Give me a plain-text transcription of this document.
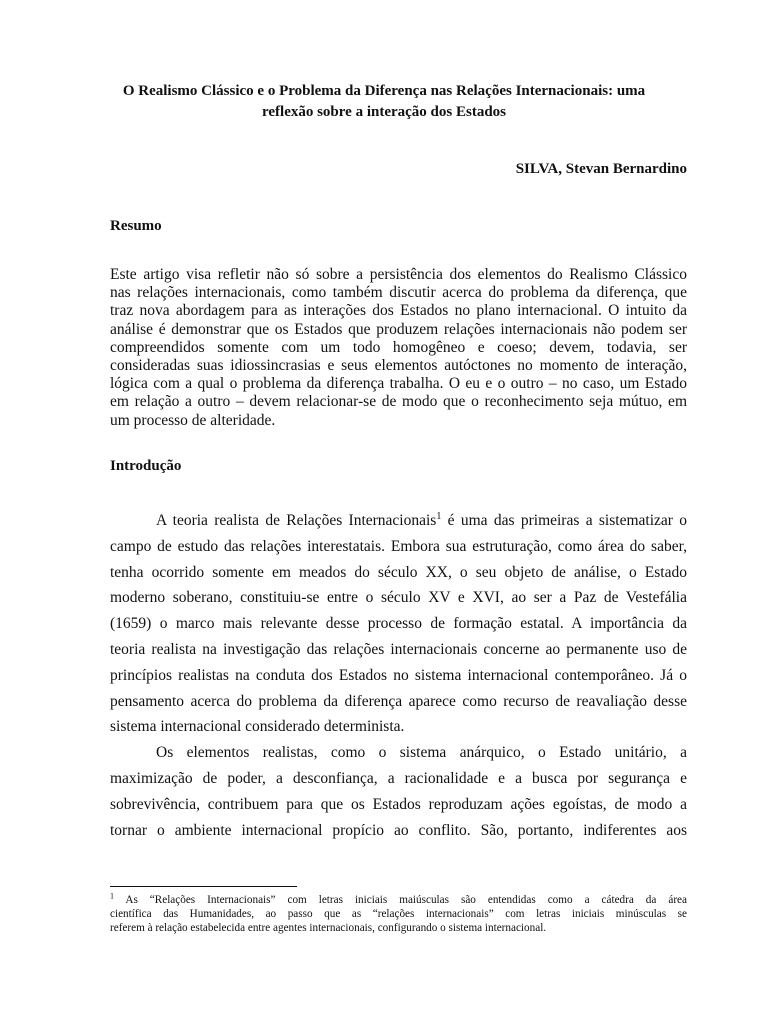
O Realismo Clássico e o Problema da Diferença nas Relações Internacionais: uma
reflexão sobre a interação dos Estados
SILVA, Stevan Bernardino
Resumo
Este artigo visa refletir não só sobre a persistência dos elementos do Realismo Clássico
nas relações internacionais, como também discutir acerca do problema da diferença, que
traz nova abordagem para as interações dos Estados no plano internacional. O intuito da
análise é demonstrar que os Estados que produzem relações internacionais não podem ser
compreendidos somente com um todo homogêneo e coeso; devem, todavia, ser
consideradas suas idiossincrasias e seus elementos autóctones no momento de interação,
lógica com a qual o problema da diferença trabalha. O eu e o outro – no caso, um Estado
em relação a outro – devem relacionar-se de modo que o reconhecimento seja mútuo, em
um processo de alteridade.
Introdução
A teoria realista de Relações Internacionais$^1$ é uma das primeiras a sistematizar o
campo de estudo das relações interestatais. Embora sua estruturação, como área do saber,
tenha ocorrido somente em meados do século XX, o seu objeto de análise, o Estado
moderno soberano, constituiu-se entre o século XV e XVI, ao ser a Paz de Vestefália
(1659) o marco mais relevante desse processo de formação estatal. A importância da
teoria realista na investigação das relações internacionais concerne ao permanente uso de
princípios realistas na conduta dos Estados no sistema internacional contemporâneo. Já o
pensamento acerca do problema da diferença aparece como recurso de reavaliação desse
sistema internacional considerado determinista.
Os elementos realistas, como o sistema anárquico, o Estado unitário, a
maximização de poder, a desconfiança, a racionalidade e a busca por segurança e
sobrevivência, contribuem para que os Estados reproduzam ações egoístas, de modo a
tornar o ambiente internacional propício ao conflito. São, portanto, indiferentes aos
$^1$ As “Relações Internacionais” com letras iniciais maiúsculas são entendidas como a cátedra da área
científica das Humanidades, ao passo que as “relações internacionais” com letras iniciais minúsculas se
referem à relação estabelecida entre agentes internacionais, configurando o sistema internacional.
